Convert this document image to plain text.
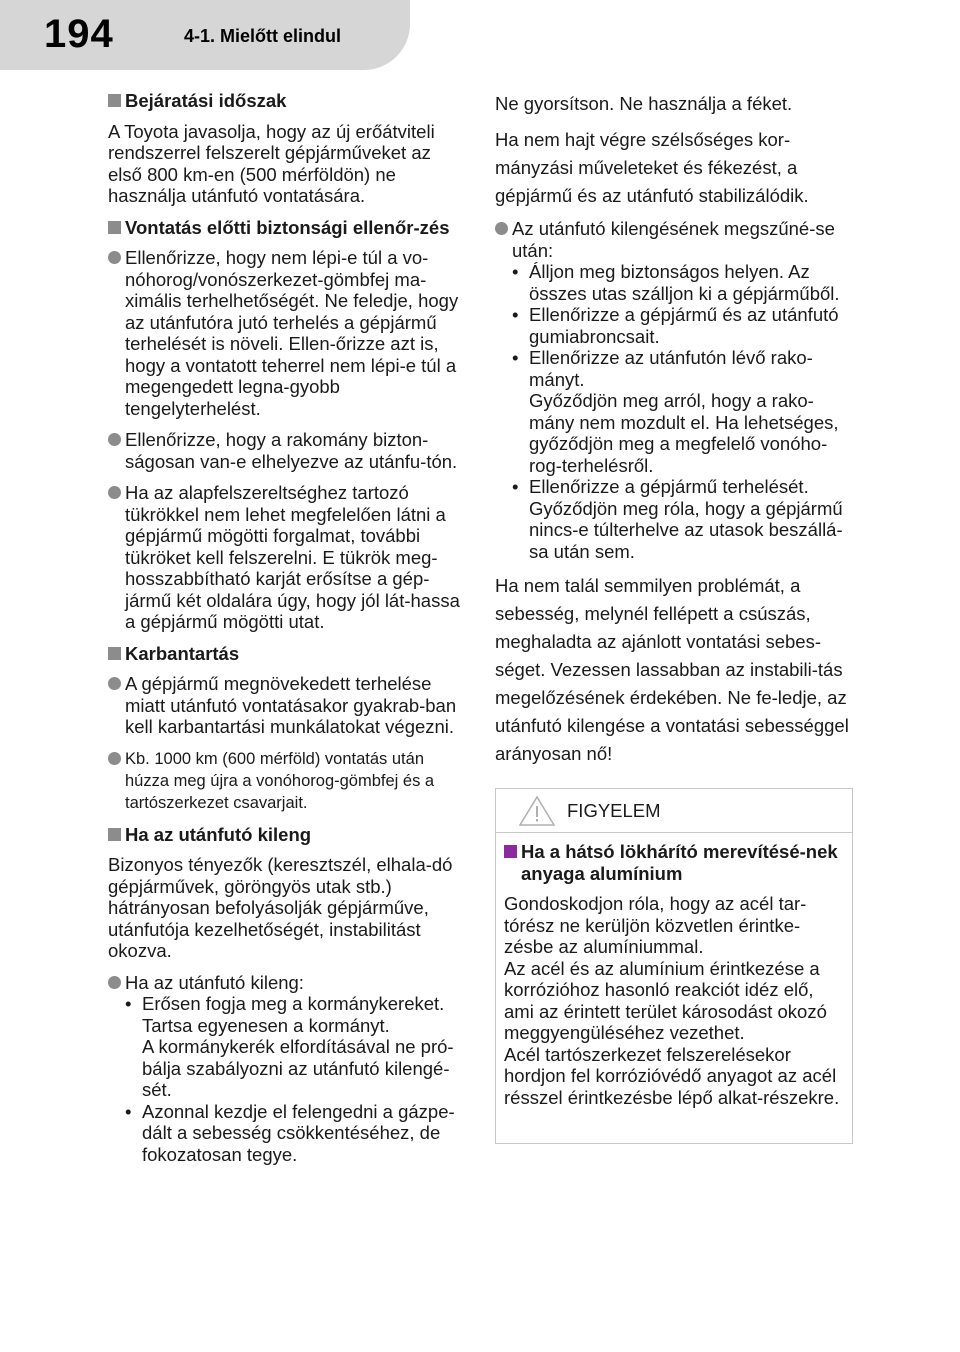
194	4-1. Mielőtt elindul
Bejáratási időszak
A Toyota javasolja, hogy az új erőátviteli rendszerrel felszerelt gépjárműveket az első 800 km-en (500 mérföldön) ne használja utánfutó vontatására.
Vontatás előtti biztonsági ellenőr-zés
Ellenőrizze, hogy nem lépi-e túl a vo-nóhorog/vonószerkezet-gömbfej ma-ximális terhelhetőségét. Ne feledje, hogy az utánfutóra jutó terhelés a gépjármű terhelését is növeli. Ellen-őrizze azt is, hogy a vontatott teherrel nem lépi-e túl a megengedett legna-gyobb tengelyterhelést.
Ellenőrizze, hogy a rakomány bizton-ságosan van-e elhelyezve az utánfu-tón.
Ha az alapfelszereltséghez tartozó tükrökkel nem lehet megfelelően látni a gépjármű mögötti forgalmat, további tükröket kell felszerelni. E tükrök meg-hosszabbítható karját erősítse a gép-jármű két oldalára úgy, hogy jól lát-hassa a gépjármű mögötti utat.
Karbantartás
A gépjármű megnövekedett terhelése miatt utánfutó vontatásakor gyakrab-ban kell karbantartási munkálatokat végezni.
Kb. 1000 km (600 mérföld) vontatás után húzza meg újra a vonóhorog-gömbfej és a tartószerkezet csavarjait.
Ha az utánfutó kileng
Bizonyos tényezők (keresztszél, elhala-dó gépjárművek, göröngyös utak stb.) hátrányosan befolyásolják gépjárműve, utánfutója kezelhetőségét, instabilitást okozva.
Ha az utánfutó kileng:
• Erősen fogja meg a kormánykereket. Tartsa egyenesen a kormányt.
A kormánykerék elfordításával ne pró-bálja szabályozni az utánfutó kilengé-sét.
• Azonnal kezdje el felengedni a gázpe-dált a sebesség csökkentéséhez, de fokozatosan tegye.
Ne gyorsítson. Ne használja a féket.
Ha nem hajt végre szélsőséges kor-mányzási műveleteket és fékezést, a gépjármű és az utánfutó stabilizálódik.
Az utánfutó kilengésének megszűné-se után:
• Álljon meg biztonságos helyen. Az összes utas szálljon ki a gépjárműből.
• Ellenőrizze a gépjármű és az utánfutó gumiabroncsait.
• Ellenőrizze az utánfutón lévő rako-mányt.
Győződjön meg arról, hogy a rako-mány nem mozdult el. Ha lehetséges, győződjön meg a megfelelő vonóho-rog-terhelésről.
• Ellenőrizze a gépjármű terhelését.
Győződjön meg róla, hogy a gépjármű nincs-e túlterhelve az utasok beszállá-sa után sem.
Ha nem talál semmilyen problémát, a sebesség, melynél fellépett a csúszás, meghaladta az ajánlott vontatási sebes-séget. Vezessen lassabban az instabili-tás megelőzésének érdekében. Ne fe-ledje, az utánfutó kilengése a vontatási sebességgel arányosan nő!
FIGYELEM
Ha a hátsó lökhárító merevítésé-nek anyaga alumínium
Gondoskodjon róla, hogy az acél tar-tórész ne kerüljön közvetlen érintke-zésbe az alumíniummal.
Az acél és az alumínium érintkezése a korrózióhoz hasonló reakciót idéz elő, ami az érintett terület károsodást okozó meggyengüléséhez vezethet.
Acél tartószerkezet felszerelésekor hordjon fel korrózióvédő anyagot az acél résszel érintkezésbe lépő alkat-részekre.
